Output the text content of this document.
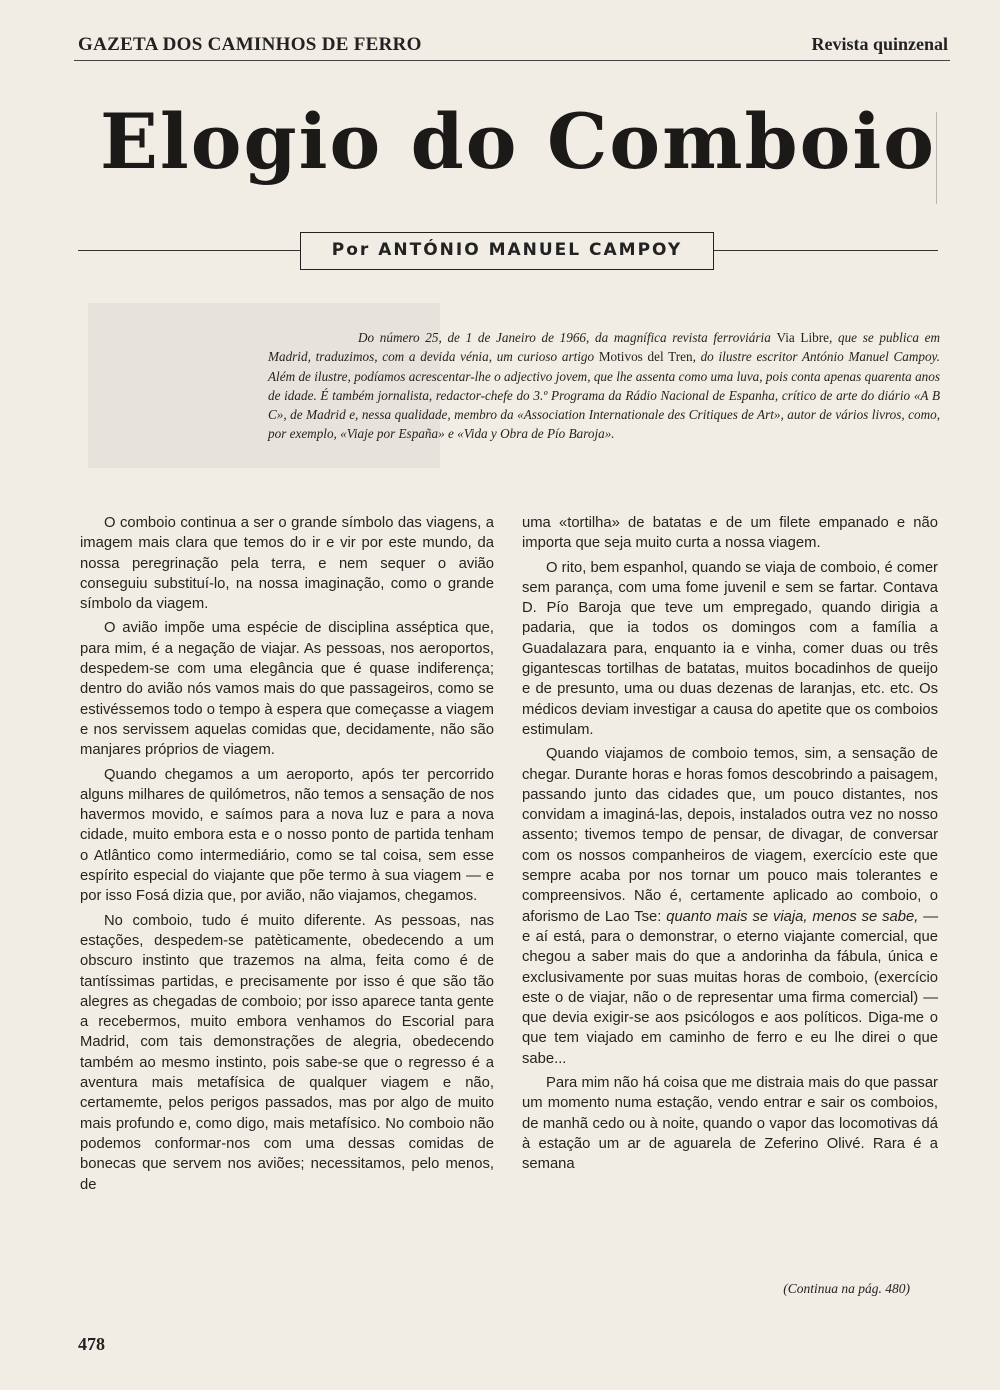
GAZETA DOS CAMINHOS DE FERRO	Revista quinzenal
Elogio do Comboio
Por ANTÓNIO MANUEL CAMPOY

Do número 25, de 1 de Janeiro de 1966, da magnífica revista ferroviária Via Libre, que se publica em Madrid, traduzimos, com a devida vénia, um curioso artigo Motivos del Tren, do ilustre escritor António Manuel Campoy. Além de ilustre, podíamos acrescentar-lhe o adjectivo jovem, que lhe assenta como uma luva, pois conta apenas quarenta anos de idade. É também jornalista, redactor-chefe do 3.º Programa da Rádio Nacional de Espanha, crítico de arte do diário «A B C», de Madrid e, nessa qualidade, membro da «Association Internationale des Critiques de Art», autor de vários livros, como, por exemplo, «Viaje por España» e «Vida y Obra de Pío Baroja».

O comboio continua a ser o grande símbolo das viagens, a imagem mais clara que temos do ir e vir por este mundo, da nossa peregrinação pela terra, e nem sequer o avião conseguiu substituí-lo, na nossa imaginação, como o grande símbolo da viagem.

O avião impõe uma espécie de disciplina asséptica que, para mim, é a negação de viajar. As pessoas, nos aeroportos, despedem-se com uma elegância que é quase indiferença; dentro do avião nós vamos mais do que passageiros, como se estivéssemos todo o tempo à espera que começasse a viagem e nos servissem aquelas comidas que, decidamente, não são manjares próprios de viagem.

Quando chegamos a um aeroporto, após ter percorrido alguns milhares de quilómetros, não temos a sensação de nos havermos movido, e saímos para a nova luz e para a nova cidade, muito embora esta e o nosso ponto de partida tenham o Atlântico como intermediário, como se tal coisa, sem esse espírito especial do viajante que põe termo à sua viagem — e por isso Fosá dizia que, por avião, não viajamos, chegamos.

No comboio, tudo é muito diferente. As pessoas, nas estações, despedem-se patèticamente, obedecendo a um obscuro instinto que trazemos na alma, feita como é de tantíssimas partidas, e precisamente por isso é que são tão alegres as chegadas de comboio; por isso aparece tanta gente a recebermos, muito embora venhamos do Escorial para Madrid, com tais demonstrações de alegria, obedecendo também ao mesmo instinto, pois sabe-se que o regresso é a aventura mais metafísica de qualquer viagem e não, certamemte, pelos perigos passados, mas por algo de muito mais profundo e, como digo, mais metafísico. No comboio não podemos conformar-nos com uma dessas comidas de bonecas que servem nos aviões; necessitamos, pelo menos, de

uma «tortilha» de batatas e de um filete empanado e não importa que seja muito curta a nossa viagem.

O rito, bem espanhol, quando se viaja de comboio, é comer sem parança, com uma fome juvenil e sem se fartar. Contava D. Pío Baroja que teve um empregado, quando dirigia a padaria, que ia todos os domingos com a família a Guadalazara para, enquanto ia e vinha, comer duas ou três gigantescas tortilhas de batatas, muitos bocadinhos de queijo e de presunto, uma ou duas dezenas de laranjas, etc. etc. Os médicos deviam investigar a causa do apetite que os comboios estimulam.

Quando viajamos de comboio temos, sim, a sensação de chegar. Durante horas e horas fomos descobrindo a paisagem, passando junto das cidades que, um pouco distantes, nos convidam a imaginá-las, depois, instalados outra vez no nosso assento; tivemos tempo de pensar, de divagar, de conversar com os nossos companheiros de viagem, exercício este que sempre acaba por nos tornar um pouco mais tolerantes e compreensivos. Não é, certamente aplicado ao comboio, o aforismo de Lao Tse: quanto mais se viaja, menos se sabe, — e aí está, para o demonstrar, o eterno viajante comercial, que chegou a saber mais do que a andorinha da fábula, única e exclusivamente por suas muitas horas de comboio, (exercício este o de viajar, não o de representar uma firma comercial) — que devia exigir-se aos psicólogos e aos políticos. Diga-me o que tem viajado em caminho de ferro e eu lhe direi o que sabe...

Para mim não há coisa que me distraia mais do que passar um momento numa estação, vendo entrar e sair os comboios, de manhã cedo ou à noite, quando o vapor das locomotivas dá à estação um ar de aguarela de Zeferino Olivé. Rara é a semana

(Continua na pág. 480)
478
